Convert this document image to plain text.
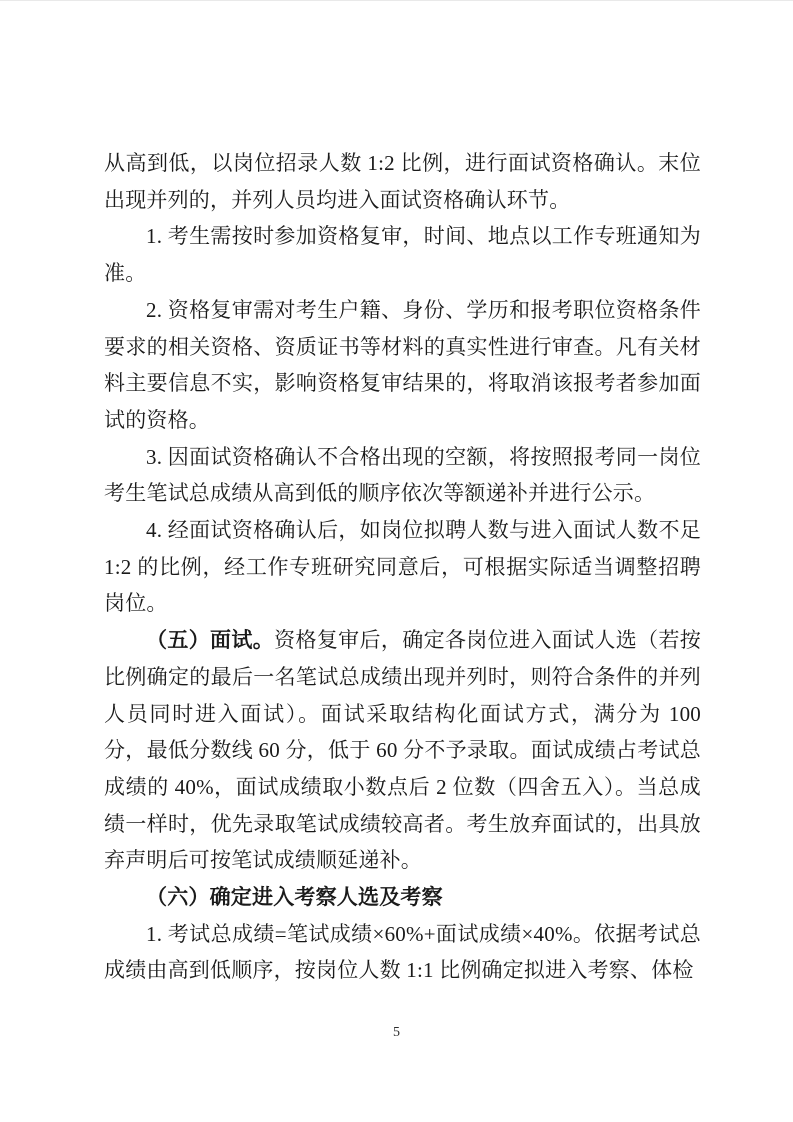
从高到低，以岗位招录人数 1:2 比例，进行面试资格确认。末位出现并列的，并列人员均进入面试资格确认环节。

1. 考生需按时参加资格复审，时间、地点以工作专班通知为准。

2. 资格复审需对考生户籍、身份、学历和报考职位资格条件要求的相关资格、资质证书等材料的真实性进行审查。凡有关材料主要信息不实，影响资格复审结果的，将取消该报考者参加面试的资格。

3. 因面试资格确认不合格出现的空额，将按照报考同一岗位考生笔试总成绩从高到低的顺序依次等额递补并进行公示。

4. 经面试资格确认后，如岗位拟聘人数与进入面试人数不足 1:2 的比例，经工作专班研究同意后，可根据实际适当调整招聘岗位。

（五）面试。资格复审后，确定各岗位进入面试人选（若按比例确定的最后一名笔试总成绩出现并列时，则符合条件的并列人员同时进入面试）。面试采取结构化面试方式，满分为 100 分，最低分数线 60 分，低于 60 分不予录取。面试成绩占考试总成绩的 40%，面试成绩取小数点后 2 位数（四舍五入）。当总成绩一样时，优先录取笔试成绩较高者。考生放弃面试的，出具放弃声明后可按笔试成绩顺延递补。

（六）确定进入考察人选及考察

1. 考试总成绩=笔试成绩×60%+面试成绩×40%。依据考试总成绩由高到低顺序，按岗位人数 1:1 比例确定拟进入考察、体检

5
